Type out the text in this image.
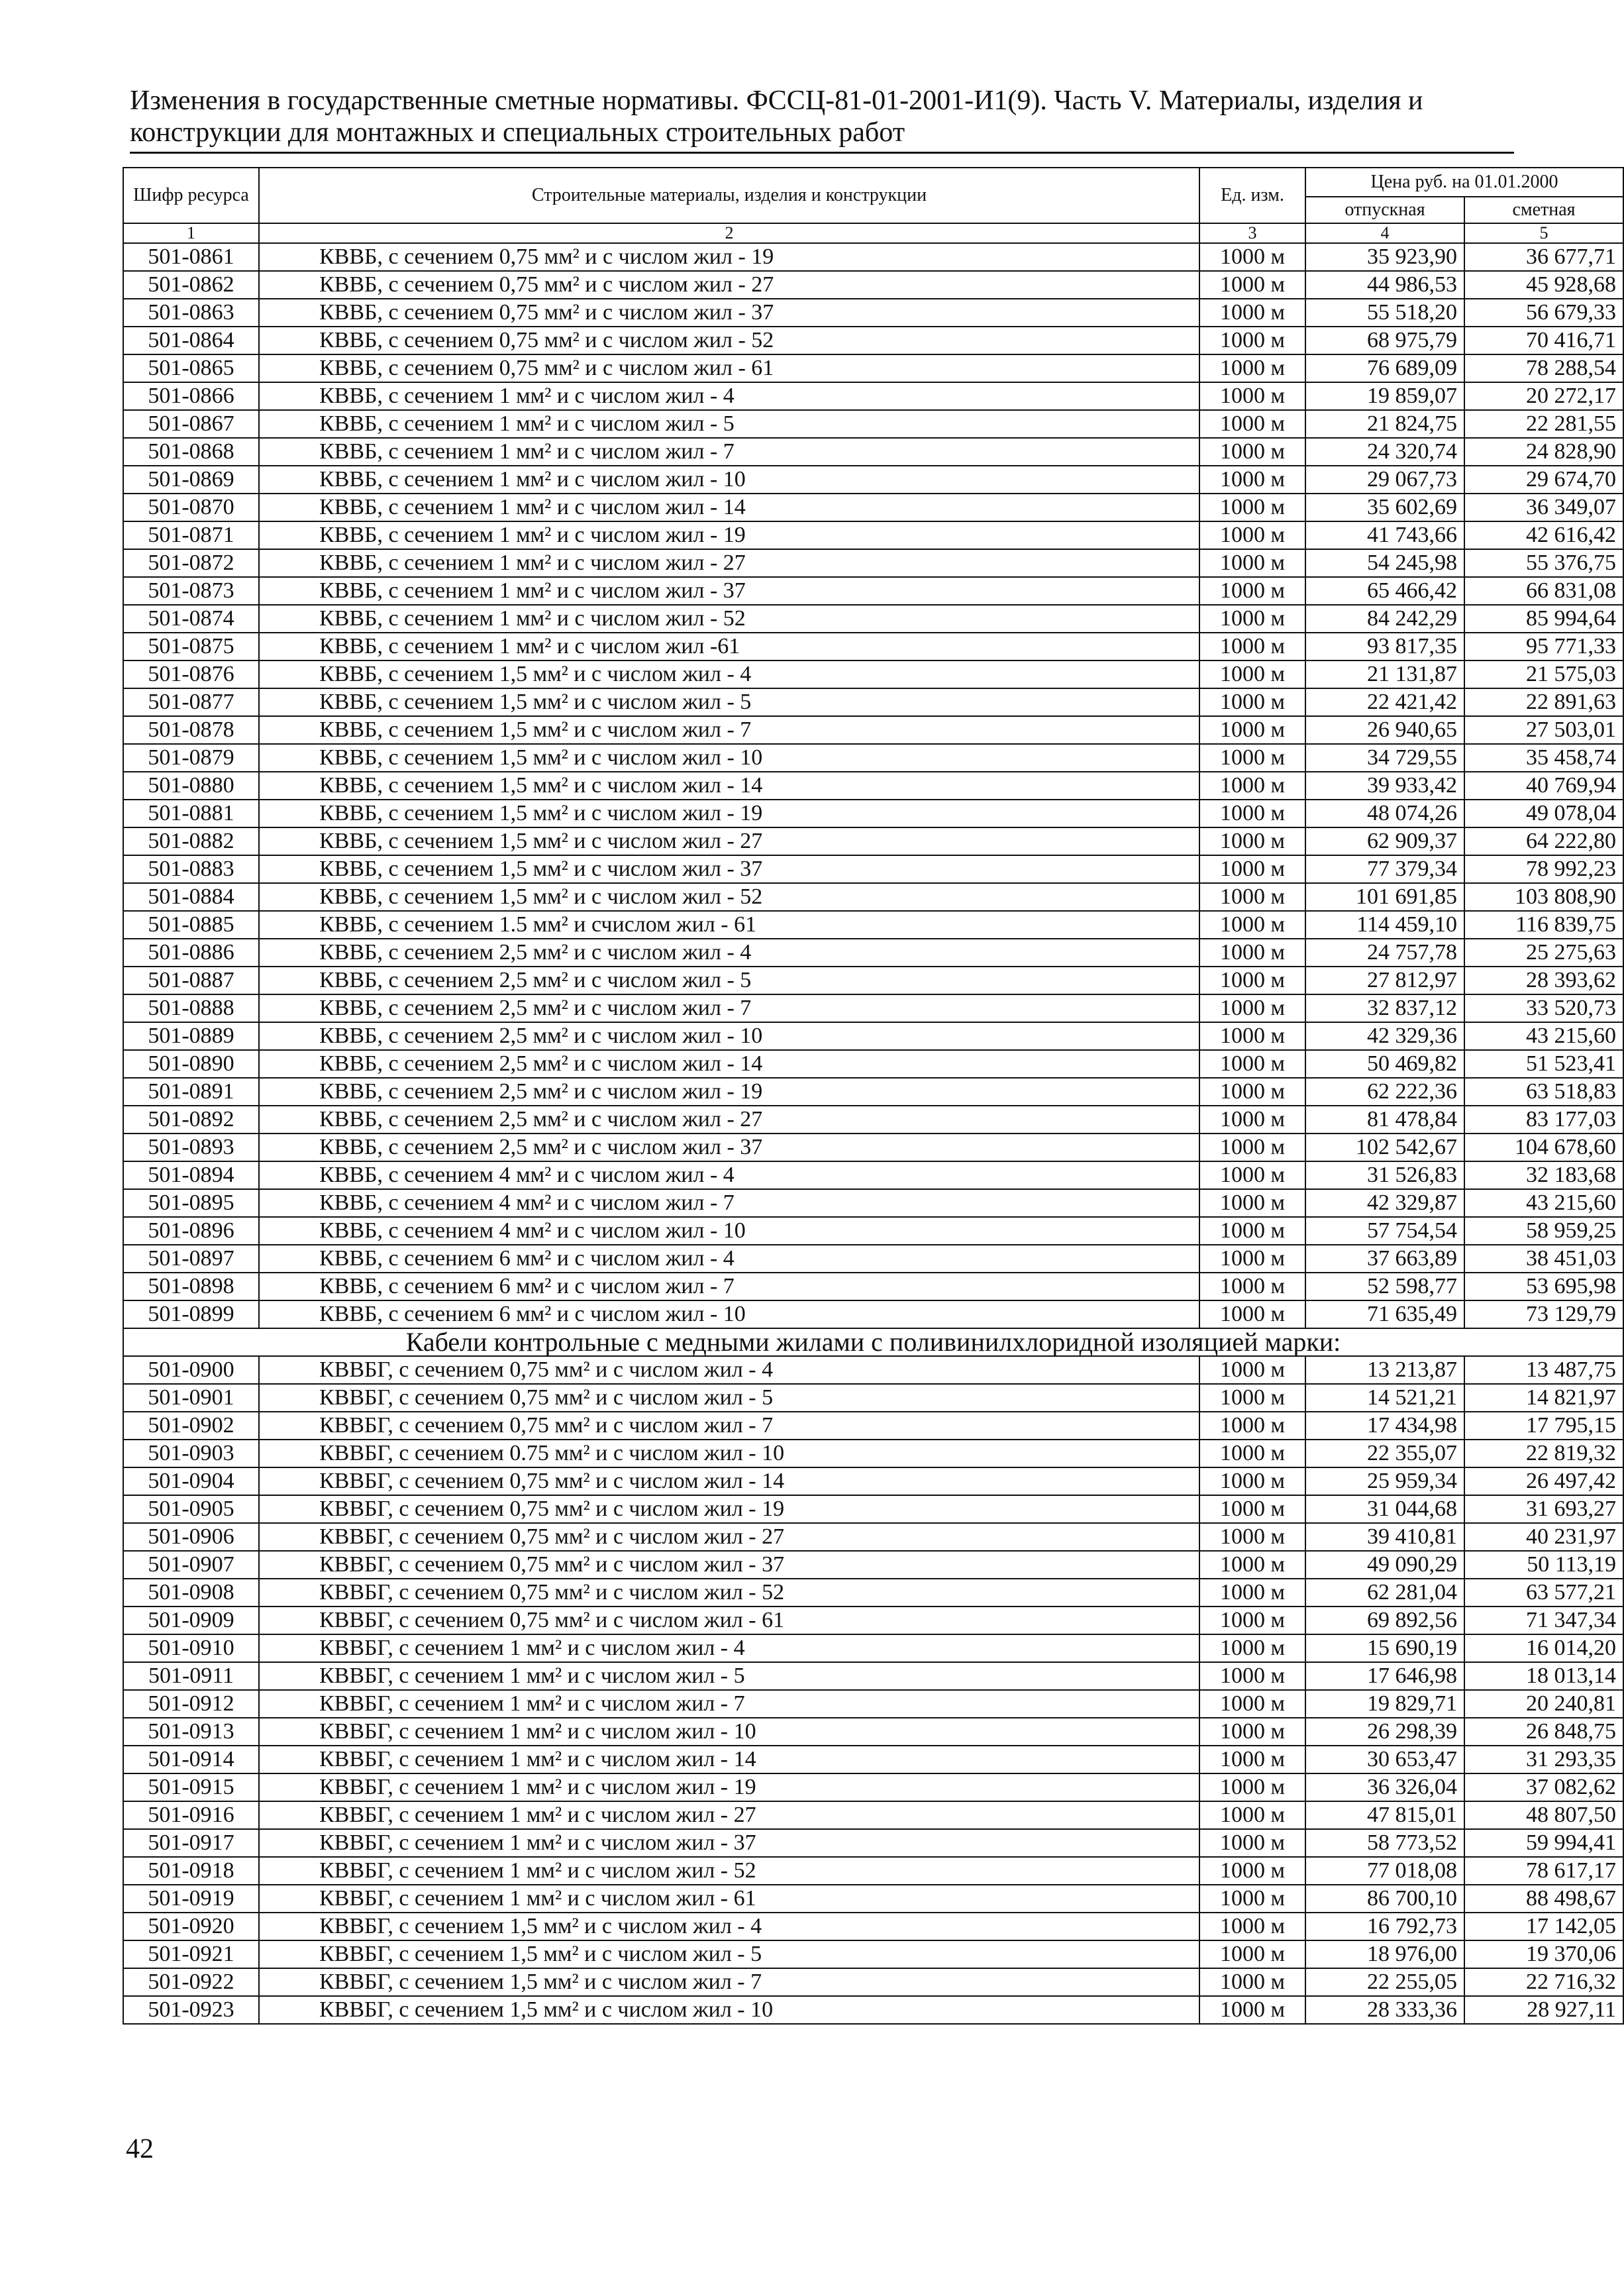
Изменения в государственные сметные нормативы. ФССЦ-81-01-2001-И1(9). Часть V. Материалы, изделия и
конструкции для монтажных и специальных строительных работ
Шифр ресурса	Строительные материалы, изделия и конструкции	Ед. изм.	Цена руб. на 01.01.2000	
			отпускная	сметная
1	2	3	4	5
501-0861	КВВБ, с сечением 0,75 мм² и с числом жил - 19	1000 м	35 923,90	36 677,71
501-0862	КВВБ, с сечением 0,75 мм² и с числом жил - 27	1000 м	44 986,53	45 928,68
501-0863	КВВБ, с сечением 0,75 мм² и с числом жил - 37	1000 м	55 518,20	56 679,33
501-0864	КВВБ, с сечением 0,75 мм² и с числом жил - 52	1000 м	68 975,79	70 416,71
501-0865	КВВБ, с сечением 0,75 мм² и с числом жил - 61	1000 м	76 689,09	78 288,54
501-0866	КВВБ, с сечением 1 мм² и с числом жил - 4	1000 м	19 859,07	20 272,17
501-0867	КВВБ, с сечением 1 мм² и с числом жил - 5	1000 м	21 824,75	22 281,55
501-0868	КВВБ, с сечением 1 мм² и с числом жил - 7	1000 м	24 320,74	24 828,90
501-0869	КВВБ, с сечением 1 мм² и с числом жил - 10	1000 м	29 067,73	29 674,70
501-0870	КВВБ, с сечением 1 мм² и с числом жил - 14	1000 м	35 602,69	36 349,07
501-0871	КВВБ, с сечением 1 мм² и с числом жил - 19	1000 м	41 743,66	42 616,42
501-0872	КВВБ, с сечением 1 мм² и с числом жил - 27	1000 м	54 245,98	55 376,75
501-0873	КВВБ, с сечением 1 мм² и с числом жил - 37	1000 м	65 466,42	66 831,08
501-0874	КВВБ, с сечением 1 мм² и с числом жил - 52	1000 м	84 242,29	85 994,64
501-0875	КВВБ, с сечением 1 мм² и с числом жил -61	1000 м	93 817,35	95 771,33
501-0876	КВВБ, с сечением 1,5 мм² и с числом жил - 4	1000 м	21 131,87	21 575,03
501-0877	КВВБ, с сечением 1,5 мм² и с числом жил - 5	1000 м	22 421,42	22 891,63
501-0878	КВВБ, с сечением 1,5 мм² и с числом жил - 7	1000 м	26 940,65	27 503,01
501-0879	КВВБ, с сечением 1,5 мм² и с числом жил - 10	1000 м	34 729,55	35 458,74
501-0880	КВВБ, с сечением 1,5 мм² и с числом жил - 14	1000 м	39 933,42	40 769,94
501-0881	КВВБ, с сечением 1,5 мм² и с числом жил - 19	1000 м	48 074,26	49 078,04
501-0882	КВВБ, с сечением 1,5 мм² и с числом жил - 27	1000 м	62 909,37	64 222,80
501-0883	КВВБ, с сечением 1,5 мм² и с числом жил - 37	1000 м	77 379,34	78 992,23
501-0884	КВВБ, с сечением 1,5 мм² и с числом жил - 52	1000 м	101 691,85	103 808,90
501-0885	КВВБ, с сечением 1.5 мм² и счислом жил - 61	1000 м	114 459,10	116 839,75
501-0886	КВВБ, с сечением 2,5 мм² и с числом жил - 4	1000 м	24 757,78	25 275,63
501-0887	КВВБ, с сечением 2,5 мм² и с числом жил - 5	1000 м	27 812,97	28 393,62
501-0888	КВВБ, с сечением 2,5 мм² и с числом жил - 7	1000 м	32 837,12	33 520,73
501-0889	КВВБ, с сечением 2,5 мм² и с числом жил - 10	1000 м	42 329,36	43 215,60
501-0890	КВВБ, с сечением 2,5 мм² и с числом жил - 14	1000 м	50 469,82	51 523,41
501-0891	КВВБ, с сечением 2,5 мм² и с числом жил - 19	1000 м	62 222,36	63 518,83
501-0892	КВВБ, с сечением 2,5 мм² и с числом жил - 27	1000 м	81 478,84	83 177,03
501-0893	КВВБ, с сечением 2,5 мм² и с числом жил - 37	1000 м	102 542,67	104 678,60
501-0894	КВВБ, с сечением 4 мм² и с числом жил - 4	1000 м	31 526,83	32 183,68
501-0895	КВВБ, с сечением 4 мм² и с числом жил - 7	1000 м	42 329,87	43 215,60
501-0896	КВВБ, с сечением 4 мм² и с числом жил - 10	1000 м	57 754,54	58 959,25
501-0897	КВВБ, с сечением 6 мм² и с числом жил - 4	1000 м	37 663,89	38 451,03
501-0898	КВВБ, с сечением 6 мм² и с числом жил - 7	1000 м	52 598,77	53 695,98
501-0899	КВВБ, с сечением 6 мм² и с числом жил - 10	1000 м	71 635,49	73 129,79
Кабели контрольные с медными жилами с поливинилхлоридной изоляцией марки:				
501-0900	КВВБГ, с сечением 0,75 мм² и с числом жил - 4	1000 м	13 213,87	13 487,75
501-0901	КВВБГ, с сечением 0,75 мм² и с числом жил - 5	1000 м	14 521,21	14 821,97
501-0902	КВВБГ, с сечением 0,75 мм² и с числом жил - 7	1000 м	17 434,98	17 795,15
501-0903	КВВБГ, с сечением 0.75 мм² и с числом жил - 10	1000 м	22 355,07	22 819,32
501-0904	КВВБГ, с сечением 0,75 мм² и с числом жил - 14	1000 м	25 959,34	26 497,42
501-0905	КВВБГ, с сечением 0,75 мм² и с числом жил - 19	1000 м	31 044,68	31 693,27
501-0906	КВВБГ, с сечением 0,75 мм² и с числом жил - 27	1000 м	39 410,81	40 231,97
501-0907	КВВБГ, с сечением 0,75 мм² и с числом жил - 37	1000 м	49 090,29	50 113,19
501-0908	КВВБГ, с сечением 0,75 мм² и с числом жил - 52	1000 м	62 281,04	63 577,21
501-0909	КВВБГ, с сечением 0,75 мм² и с числом жил - 61	1000 м	69 892,56	71 347,34
501-0910	КВВБГ, с сечением 1 мм² и с числом жил - 4	1000 м	15 690,19	16 014,20
501-0911	КВВБГ, с сечением 1 мм² и с числом жил - 5	1000 м	17 646,98	18 013,14
501-0912	КВВБГ, с сечением 1 мм² и с числом жил - 7	1000 м	19 829,71	20 240,81
501-0913	КВВБГ, с сечением 1 мм² и с числом жил - 10	1000 м	26 298,39	26 848,75
501-0914	КВВБГ, с сечением 1 мм² и с числом жил - 14	1000 м	30 653,47	31 293,35
501-0915	КВВБГ, с сечением 1 мм² и с числом жил - 19	1000 м	36 326,04	37 082,62
501-0916	КВВБГ, с сечением 1 мм² и с числом жил - 27	1000 м	47 815,01	48 807,50
501-0917	КВВБГ, с сечением 1 мм² и с числом жил - 37	1000 м	58 773,52	59 994,41
501-0918	КВВБГ, с сечением 1 мм² и с числом жил - 52	1000 м	77 018,08	78 617,17
501-0919	КВВБГ, с сечением 1 мм² и с числом жил - 61	1000 м	86 700,10	88 498,67
501-0920	КВВБГ, с сечением 1,5 мм² и с числом жил - 4	1000 м	16 792,73	17 142,05
501-0921	КВВБГ, с сечением 1,5 мм² и с числом жил - 5	1000 м	18 976,00	19 370,06
501-0922	КВВБГ, с сечением 1,5 мм² и с числом жил - 7	1000 м	22 255,05	22 716,32
501-0923	КВВБГ, с сечением 1,5 мм² и с числом жил - 10	1000 м	28 333,36	28 927,11
42
